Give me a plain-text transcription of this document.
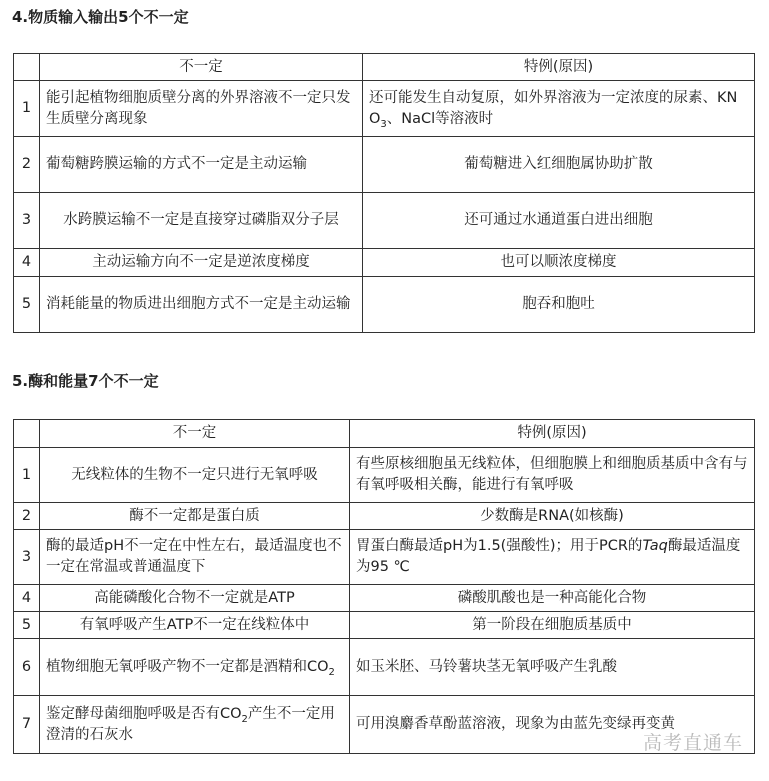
4.物质输入输出5个不一定
	不一定	特例(原因)
1	能引起植物细胞质壁分离的外界溶液不一定只发生质壁分离现象	还可能发生自动复原，如外界溶液为一定浓度的尿素、$KNO_3$、NaCl等溶液时
2	葡萄糖跨膜运输的方式不一定是主动运输	葡萄糖进入红细胞属协助扩散
3	水跨膜运输不一定是直接穿过磷脂双分子层	还可通过水通道蛋白进出细胞
4	主动运输方向不一定是逆浓度梯度	也可以顺浓度梯度
5	消耗能量的物质进出细胞方式不一定是主动运输	胞吞和胞吐
5.酶和能量7个不一定
	不一定	特例(原因)
1	无线粒体的生物不一定只进行无氧呼吸	有些原核细胞虽无线粒体，但细胞膜上和细胞质基质中含有与有氧呼吸相关酶，能进行有氧呼吸
2	酶不一定都是蛋白质	少数酶是RNA(如核酶)
3	酶的最适pH不一定在中性左右，最适温度也不一定在常温或普通温度下	胃蛋白酶最适pH为1.5(强酸性)；用于PCR的Taq酶最适温度为95 ℃
4	高能磷酸化合物不一定就是ATP	磷酸肌酸也是一种高能化合物
5	有氧呼吸产生ATP不一定在线粒体中	第一阶段在细胞质基质中
6	植物细胞无氧呼吸产物不一定都是酒精和$CO_2$	如玉米胚、马铃薯块茎无氧呼吸产生乳酸
7	鉴定酵母菌细胞呼吸是否有$CO_2$产生不一定用澄清的石灰水	可用溴麝香草酚蓝溶液，现象为由蓝先变绿再变黄
高考直通车
